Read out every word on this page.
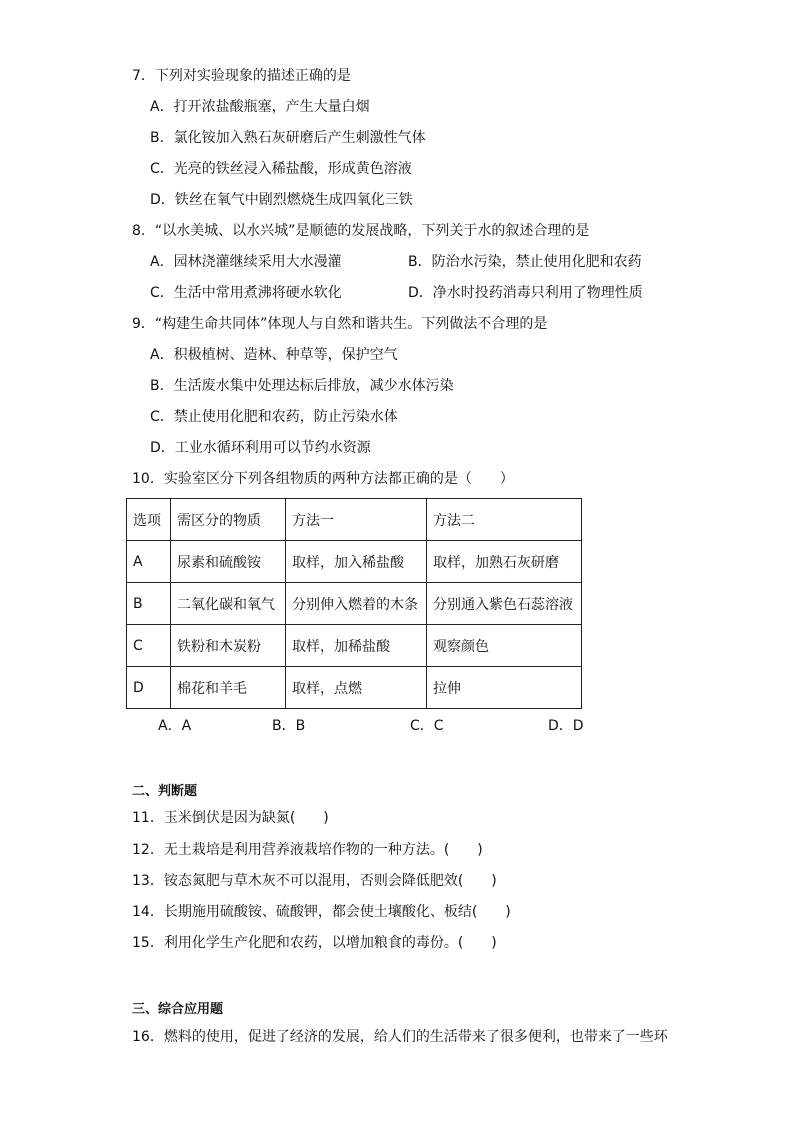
7．下列对实验现象的描述正确的是
A．打开浓盐酸瓶塞，产生大量白烟
B．氯化铵加入熟石灰研磨后产生刺激性气体
C．光亮的铁丝浸入稀盐酸，形成黄色溶液
D．铁丝在氧气中剧烈燃烧生成四氧化三铁
8．“以水美城、以水兴城”是顺德的发展战略，下列关于水的叙述合理的是
A．园林浇灌继续采用大水漫灌	B．防治水污染，禁止使用化肥和农药
C．生活中常用煮沸将硬水软化	D．净水时投药消毒只利用了物理性质
9．“构建生命共同体”体现人与自然和谐共生。下列做法不合理的是
A．积极植树、造林、种草等，保护空气
B．生活废水集中处理达标后排放，减少水体污染
C．禁止使用化肥和农药，防止污染水体
D．工业水循环利用可以节约水资源
10．实验室区分下列各组物质的两种方法都正确的是（　　）
选项	需区分的物质	方法一	方法二
A	尿素和硫酸铵	取样，加入稀盐酸	取样，加熟石灰研磨
B	二氧化碳和氧气	分别伸入燃着的木条	分别通入紫色石蕊溶液
C	铁粉和木炭粉	取样，加稀盐酸	观察颜色
D	棉花和羊毛	取样，点燃	拉伸
A．A	B．B	C．C	D．D
二、判断题
11．玉米倒伏是因为缺氮(　　)
12．无土栽培是利用营养液栽培作物的一种方法。(　　)
13．铵态氮肥与草木灰不可以混用，否则会降低肥效(　　)
14．长期施用硫酸铵、硫酸钾，都会使土壤酸化、板结(　　)
15．利用化学生产化肥和农药，以增加粮食的毒份。(　　)
三、综合应用题
16．燃料的使用，促进了经济的发展，给人们的生活带来了很多便利，也带来了一些环
